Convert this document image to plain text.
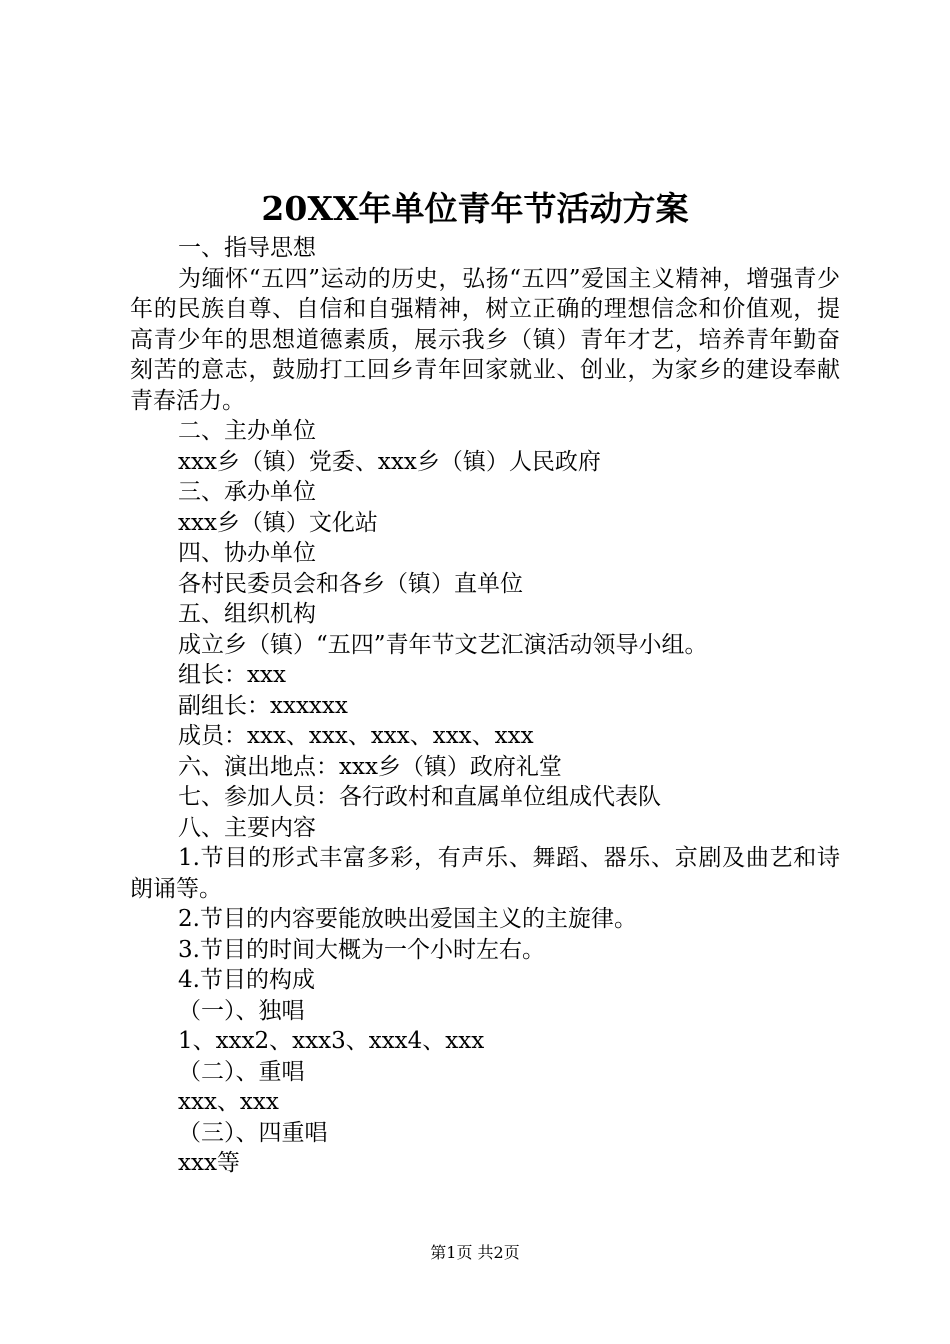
20XX年单位青年节活动方案

一、指导思想

为缅怀“五四”运动的历史，弘扬“五四”爱国主义精神，增强青少年的民族自尊、自信和自强精神，树立正确的理想信念和价值观，提高青少年的思想道德素质，展示我乡（镇）青年才艺，培养青年勤奋刻苦的意志，鼓励打工回乡青年回家就业、创业，为家乡的建设奉献青春活力。

二、主办单位

xxx乡（镇）党委、xxx乡（镇）人民政府

三、承办单位

xxx乡（镇）文化站

四、协办单位

各村民委员会和各乡（镇）直单位

五、组织机构

成立乡（镇）“五四”青年节文艺汇演活动领导小组。

组长：xxx

副组长：xxxxxx

成员：xxx、xxx、xxx、xxx、xxx

六、演出地点：xxx乡（镇）政府礼堂

七、参加人员：各行政村和直属单位组成代表队

八、主要内容

1.节目的形式丰富多彩，有声乐、舞蹈、器乐、京剧及曲艺和诗朗诵等。

2.节目的内容要能放映出爱国主义的主旋律。

3.节目的时间大概为一个小时左右。

4.节目的构成

（一）、独唱

1、xxx2、xxx3、xxx4、xxx

（二）、重唱

xxx、xxx

（三）、四重唱

xxx等

第1页 共2页
